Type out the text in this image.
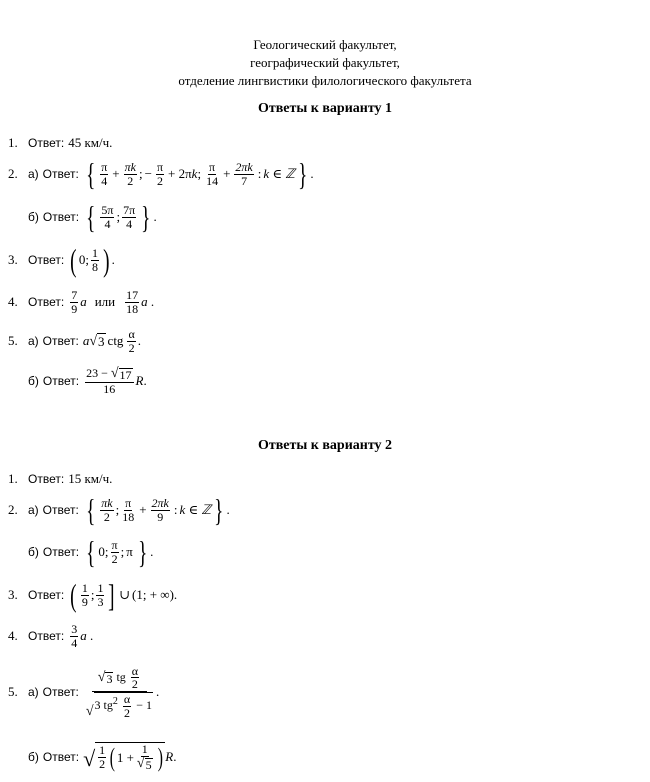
Геологический факультет,
географический факультет,
отделение лингвистики филологического факультета
Ответы к варианту 1
1. Ответ: 45 км/ч.
2. а) Ответ: { $\frac{\pi}{4} + \frac{\pi k}{2}$ ; − $\frac{\pi}{2} + 2\pi k$; $\frac{\pi}{14} + \frac{2\pi k}{7}$ : k ∈ ℤ } .
б) Ответ: { $\frac{5\pi}{4}$ ; $\frac{7\pi}{4}$ } .
3. Ответ: ( 0; $\frac{1}{8}$ ) .
4. Ответ: $\frac{7}{9}$ a или $\frac{17}{18}$ a .
5. а) Ответ: a √ 3 ctg $\frac{\alpha}{2}$ .
б) Ответ: $\frac{23 - √ 17}{16}$ R .
Ответы к варианту 2
1. Ответ: 15 км/ч.
2. а) Ответ: { $\frac{\pi k}{2}$ ; $\frac{\pi}{18} + \frac{2\pi k}{9}$ : k ∈ ℤ } .
б) Ответ: { 0; $\frac{\pi}{2}$ ; π } .
3. Ответ: ( $\frac{1}{9}$ ; $\frac{1}{3}$ ] ∪ (1; + ∞).
4. Ответ: $\frac{3}{4}$ a .
5. а) Ответ: $\frac{√ 3 tg \frac{\alpha}{2}}{√ 3 tg^2 \frac{\alpha}{2} - 1}$ .
б) Ответ: √ $\frac{1}{2}$ ( $1 + \frac{1}{√ 5}$ ) R .
